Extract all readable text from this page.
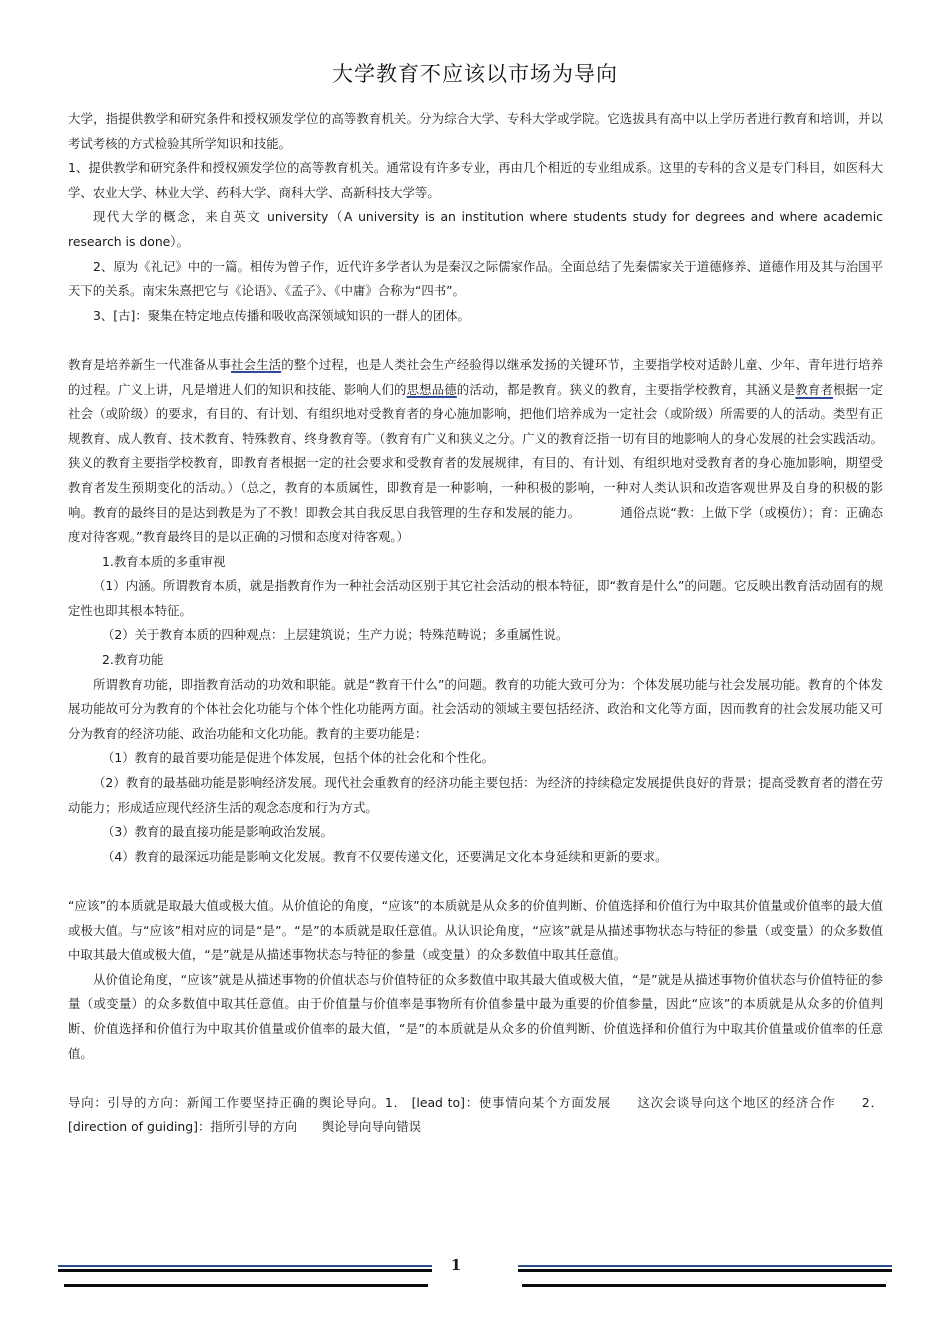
大学教育不应该以市场为导向

大学，指提供教学和研究条件和授权颁发学位的高等教育机关。分为综合大学、专科大学或学院。它选拔具有高中以上学历者进行教育和培训，并以考试考核的方式检验其所学知识和技能。

1、提供教学和研究条件和授权颁发学位的高等教育机关。通常设有许多专业，再由几个相近的专业组成系。这里的专科的含义是专门科目，如医科大学、农业大学、林业大学、药科大学、商科大学、高新科技大学等。

现代大学的概念，来自英文 university（A university is an institution where students study for degrees and where academic research is done）。

2、原为《礼记》中的一篇。相传为曾子作，近代许多学者认为是秦汉之际儒家作品。全面总结了先秦儒家关于道德修养、道德作用及其与治国平天下的关系。南宋朱熹把它与《论语》、《孟子》、《中庸》合称为“四书”。

3、[古]：聚集在特定地点传播和吸收高深领域知识的一群人的团体。

教育是培养新生一代准备从事社会生活的整个过程，也是人类社会生产经验得以继承发扬的关键环节，主要指学校对适龄儿童、少年、青年进行培养的过程。广义上讲，凡是增进人们的知识和技能、影响人们的思想品德的活动，都是教育。狭义的教育，主要指学校教育，其涵义是教育者根据一定社会（或阶级）的要求，有目的、有计划、有组织地对受教育者的身心施加影响，把他们培养成为一定社会（或阶级）所需要的人的活动。类型有正规教育、成人教育、技术教育、特殊教育、终身教育等。（教育有广义和狭义之分。广义的教育泛指一切有目的地影响人的身心发展的社会实践活动。狭义的教育主要指学校教育，即教育者根据一定的社会要求和受教育者的发展规律，有目的、有计划、有组织地对受教育者的身心施加影响，期望受教育者发生预期变化的活动。）（总之，教育的本质属性，即教育是一种影响，一种积极的影响，一种对人类认识和改造客观世界及自身的积极的影响。教育的最终目的是达到教是为了不教！即教会其自我反思自我管理的生存和发展的能力。	通俗点说“教：上做下学（或模仿）；育：正确态度对待客观。”教育最终目的是以正确的习惯和态度对待客观。）

1.教育本质的多重审视

（1）内涵。所谓教育本质，就是指教育作为一种社会活动区别于其它社会活动的根本特征，即“教育是什么”的问题。它反映出教育活动固有的规定性也即其根本特征。

（2）关于教育本质的四种观点：上层建筑说；生产力说；特殊范畴说；多重属性说。

2.教育功能

所谓教育功能，即指教育活动的功效和职能。就是“教育干什么”的问题。教育的功能大致可分为：个体发展功能与社会发展功能。教育的个体发展功能故可分为教育的个体社会化功能与个体个性化功能两方面。社会活动的领域主要包括经济、政治和文化等方面，因而教育的社会发展功能又可分为教育的经济功能、政治功能和文化功能。教育的主要功能是：

（1）教育的最首要功能是促进个体发展，包括个体的社会化和个性化。

（2）教育的最基础功能是影响经济发展。现代社会重教育的经济功能主要包括：为经济的持续稳定发展提供良好的背景；提高受教育者的潜在劳动能力；形成适应现代经济生活的观念态度和行为方式。

（3）教育的最直接功能是影响政治发展。

（4）教育的最深远功能是影响文化发展。教育不仅要传递文化，还要满足文化本身延续和更新的要求。

“应该”的本质就是取最大值或极大值。从价值论的角度，“应该”的本质就是从众多的价值判断、价值选择和价值行为中取其价值量或价值率的最大值或极大值。与“应该”相对应的词是“是”。“是”的本质就是取任意值。从认识论角度，“应该”就是从描述事物状态与特征的参量（或变量）的众多数值中取其最大值或极大值，“是”就是从描述事物状态与特征的参量（或变量）的众多数值中取其任意值。

从价值论角度，“应该”就是从描述事物的价值状态与价值特征的众多数值中取其最大值或极大值，“是”就是从描述事物价值状态与价值特征的参量（或变量）的众多数值中取其任意值。由于价值量与价值率是事物所有价值参量中最为重要的价值参量，因此“应该”的本质就是从众多的价值判断、价值选择和价值行为中取其价值量或价值率的最大值，“是”的本质就是从众多的价值判断、价值选择和价值行为中取其价值量或价值率的任意值。

导向：引导的方向：新闻工作要坚持正确的舆论导向。1． [lead to]：使事情向某个方面发展　　这次会谈导向这个地区的经济合作　　2． [direction of guiding]：指所引导的方向　　舆论导向导向错误

1
